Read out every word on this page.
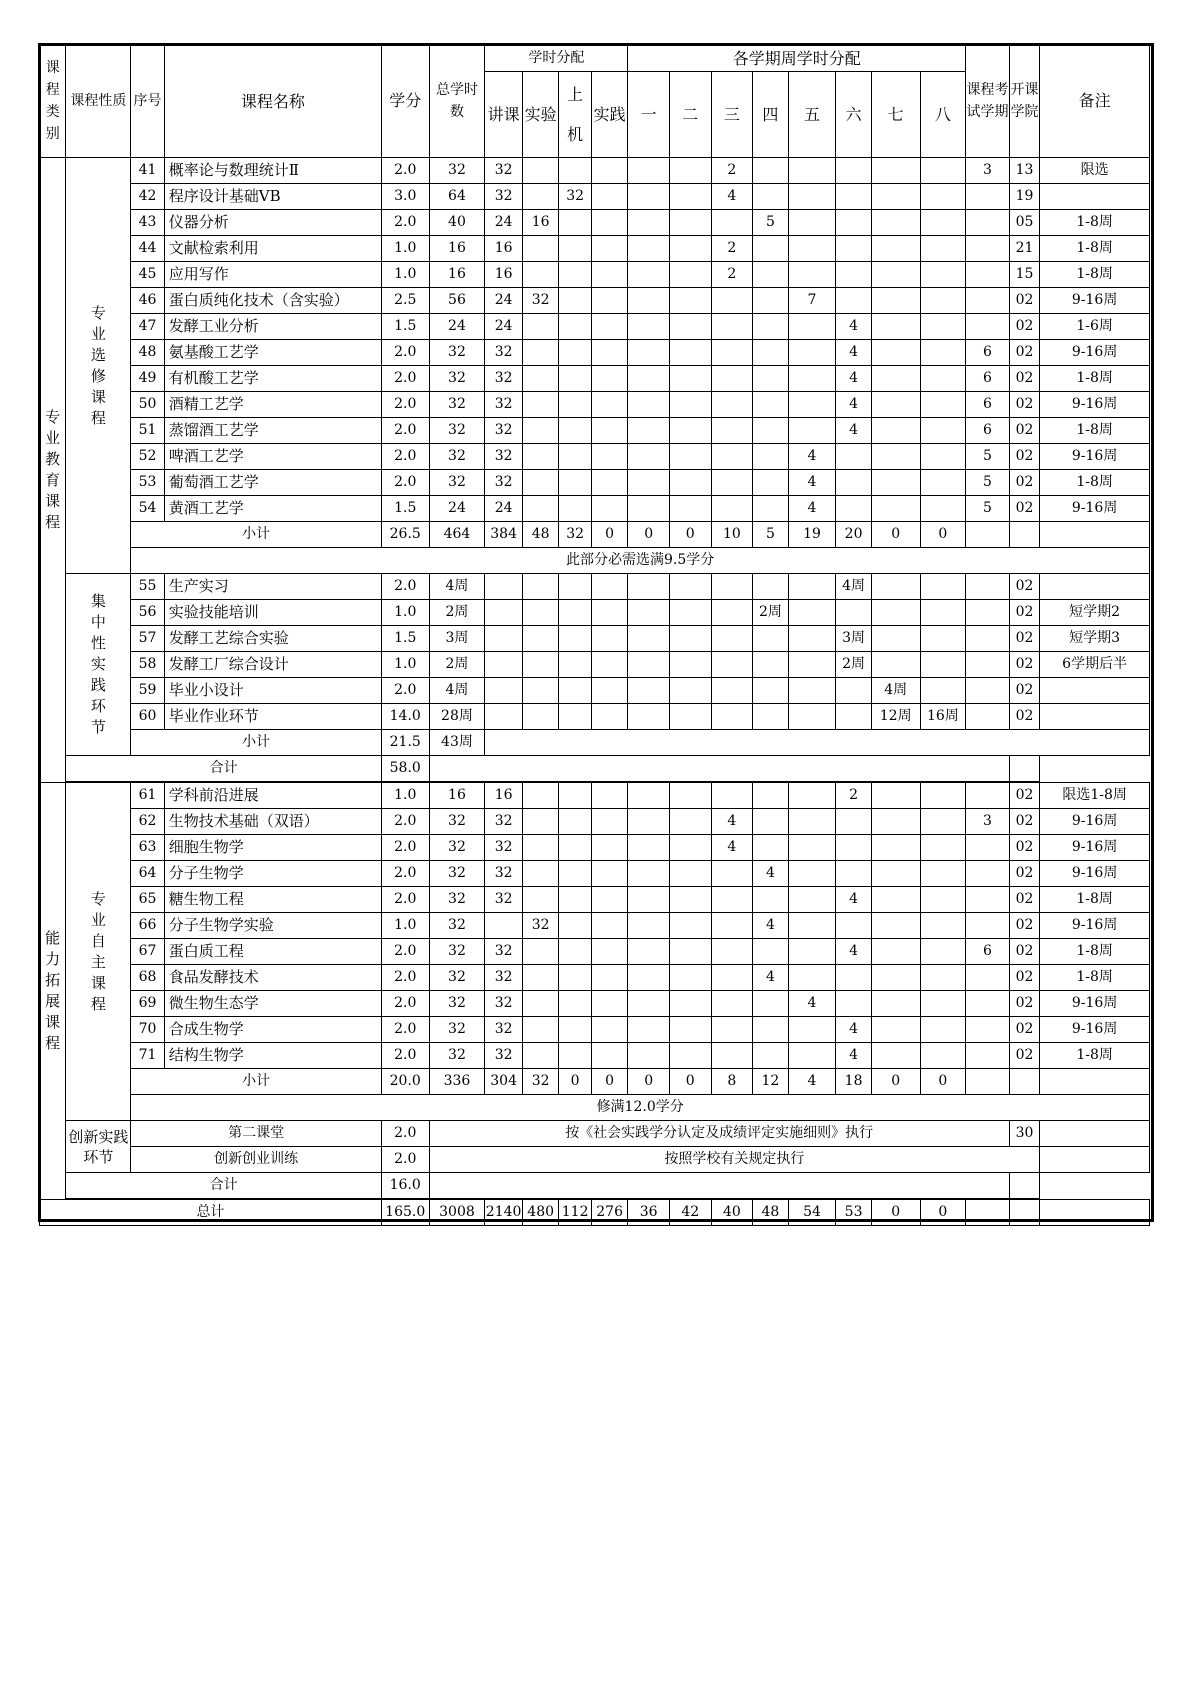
课程类别	课程性质	序号	课程名称	学分	总学时数	学时分配				各学期周学时分配								课程考试学期	开课学院	备注
						讲课	实验	上机	实践	一	二	三	四	五	六	七	八			
专业教育课程	专业选修课程	41	概率论与数理统计Ⅱ	2.0	32	32						2						3	13	限选
		42	程序设计基础VB	3.0	64	32		32				4							19	
		43	仪器分析	2.0	40	24	16						5						05	1-8周
		44	文献检索利用	1.0	16	16						2							21	1-8周
		45	应用写作	1.0	16	16						2							15	1-8周
		46	蛋白质纯化技术（含实验）	2.5	56	24	32							7					02	9-16周
		47	发酵工业分析	1.5	24	24									4				02	1-6周
		48	氨基酸工艺学	2.0	32	32									4			6	02	9-16周
		49	有机酸工艺学	2.0	32	32									4			6	02	1-8周
		50	酒精工艺学	2.0	32	32									4			6	02	9-16周
		51	蒸馏酒工艺学	2.0	32	32									4			6	02	1-8周
		52	啤酒工艺学	2.0	32	32								4				5	02	9-16周
		53	葡萄酒工艺学	2.0	32	32								4				5	02	1-8周
		54	黄酒工艺学	1.5	24	24								4				5	02	9-16周
		小计		26.5	464	384	48	32	0	0	0	10	5	19	20	0	0			
		此部分必需选满9.5学分																		
	集中性实践环节	55	生产实习	2.0	4周										4周				02	
		56	实验技能培训	1.0	2周								2周						02	短学期2
		57	发酵工艺综合实验	1.5	3周										3周				02	短学期3
		58	发酵工厂综合设计	1.0	2周										2周				02	6学期后半
		59	毕业小设计	2.0	4周											4周			02	
		60	毕业作业环节	14.0	28周											12周	16周		02	
		小计		21.5	43周															
	合计			58.0																
能力拓展课程	专业自主课程	61	学科前沿进展	1.0	16	16									2				02	限选1-8周
		62	生物技术基础（双语）	2.0	32	32						4						3	02	9-16周
		63	细胞生物学	2.0	32	32						4							02	9-16周
		64	分子生物学	2.0	32	32							4						02	9-16周
		65	糖生物工程	2.0	32	32									4				02	1-8周
		66	分子生物学实验	1.0	32		32						4						02	9-16周
		67	蛋白质工程	2.0	32	32									4			6	02	1-8周
		68	食品发酵技术	2.0	32	32							4						02	1-8周
		69	微生物生态学	2.0	32	32								4					02	9-16周
		70	合成生物学	2.0	32	32									4				02	9-16周
		71	结构生物学	2.0	32	32									4				02	1-8周
		小计		20.0	336	304	32	0	0	0	0	8	12	4	18	0	0			
		修满12.0学分																		
	创新实践环节	第二课堂		2.0	按《社会实践学分认定及成绩评定实施细则》执行														30	
		创新创业训练		2.0	按照学校有关规定执行															
	合计			16.0																
总计				165.0	3008	2140	480	112	276	36	42	40	48	54	53	0	0			
